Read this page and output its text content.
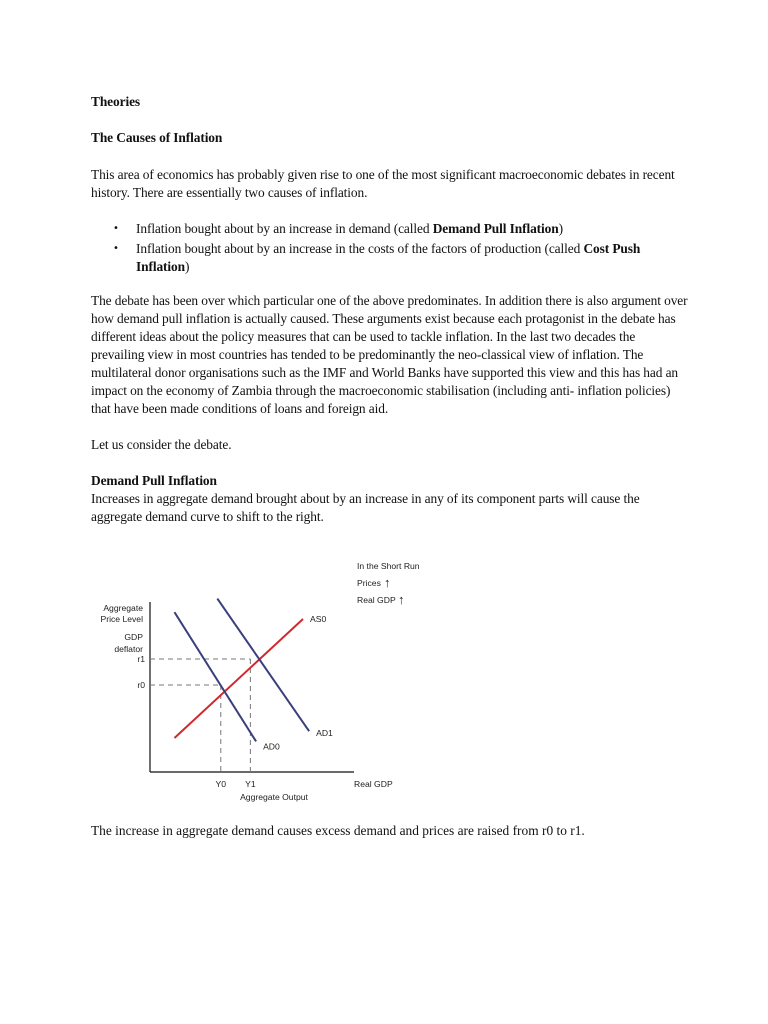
Theories

The Causes of Inflation

This area of economics has probably given rise to one of the most significant macroeconomic debates in recent history. There are essentially two causes of inflation.

• Inflation bought about by an increase in demand (called Demand Pull Inflation)
• Inflation bought about by an increase in the costs of the factors of production (called Cost Push Inflation)

The debate has been over which particular one of the above predominates. In addition there is also argument over how demand pull inflation is actually caused. These arguments exist because each protagonist in the debate has different ideas about the policy measures that can be used to tackle inflation. In the last two decades the prevailing view in most countries has tended to be predominantly the neo-classical view of inflation. The multilateral donor organisations such as the IMF and World Banks have supported this view and this has had an impact on the economy of Zambia through the macroeconomic stabilisation (including anti- inflation policies) that have been made conditions of loans and foreign aid.

Let us consider the debate.

Demand Pull Inflation

Increases in aggregate demand brought about by an increase in any of its component parts will cause the aggregate demand curve to shift to the right.

In the Short Run
Prices ↑
Real GDP ↑
Aggregate
Price Level
GDP
deflator
Real GDP
Aggregate Output
r0
Y0
r1
Y1
AS0
AD0
AD1

The increase in aggregate demand causes excess demand and prices are raised from r0 to r1.
